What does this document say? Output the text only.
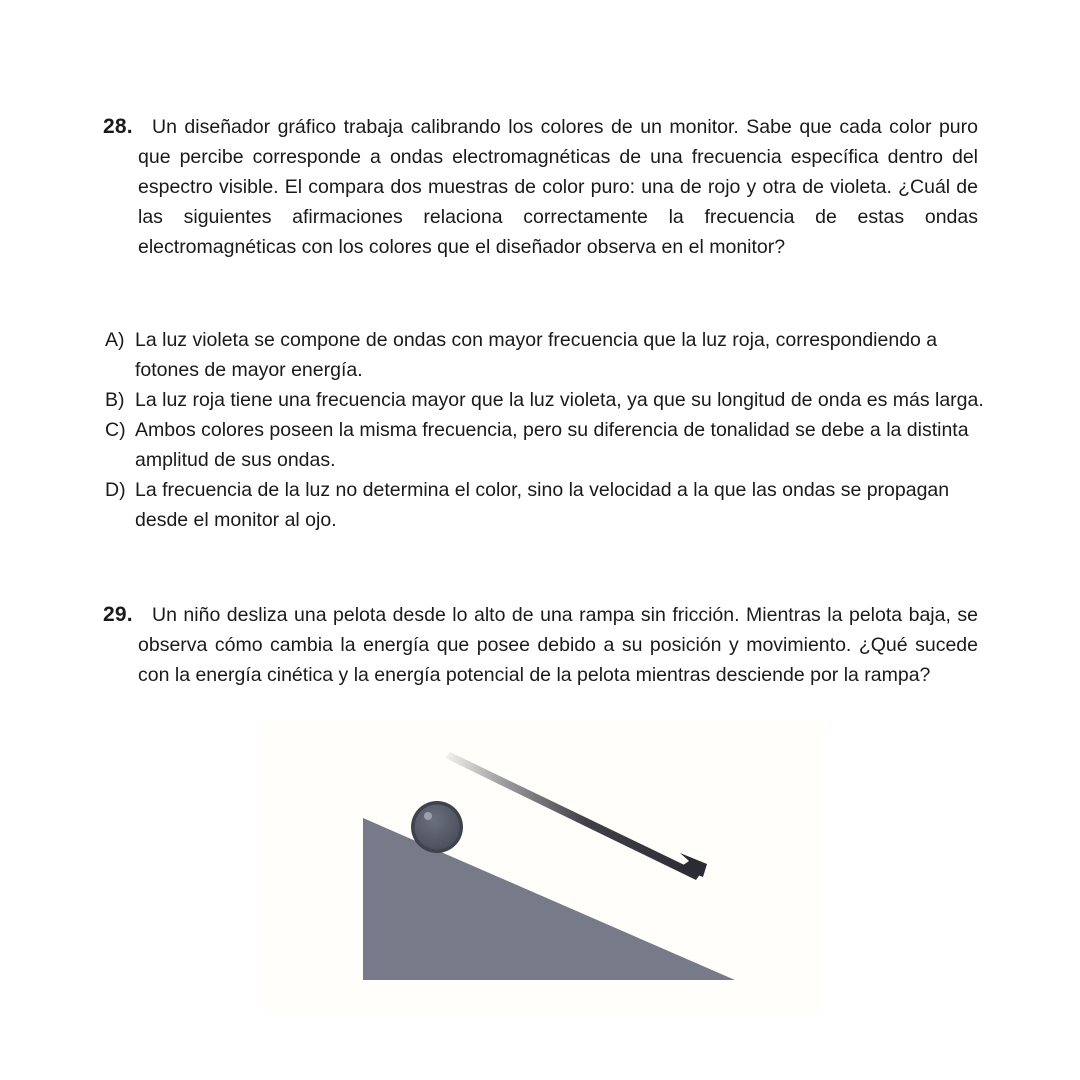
28. Un diseñador gráfico trabaja calibrando los colores de un monitor. Sabe que cada color puro que percibe corresponde a ondas electromagnéticas de una frecuencia específica dentro del espectro visible. El compara dos muestras de color puro: una de rojo y otra de violeta. ¿Cuál de las siguientes afirmaciones relaciona correctamente la frecuencia de estas ondas electromagnéticas con los colores que el diseñador observa en el monitor?
A) La luz violeta se compone de ondas con mayor frecuencia que la luz roja, correspondiendo a fotones de mayor energía.
B) La luz roja tiene una frecuencia mayor que la luz violeta, ya que su longitud de onda es más larga.
C) Ambos colores poseen la misma frecuencia, pero su diferencia de tonalidad se debe a la distinta amplitud de sus ondas.
D) La frecuencia de la luz no determina el color, sino la velocidad a la que las ondas se propagan desde el monitor al ojo.
29. Un niño desliza una pelota desde lo alto de una rampa sin fricción. Mientras la pelota baja, se observa cómo cambia la energía que posee debido a su posición y movimiento. ¿Qué sucede con la energía cinética y la energía potencial de la pelota mientras desciende por la rampa?
